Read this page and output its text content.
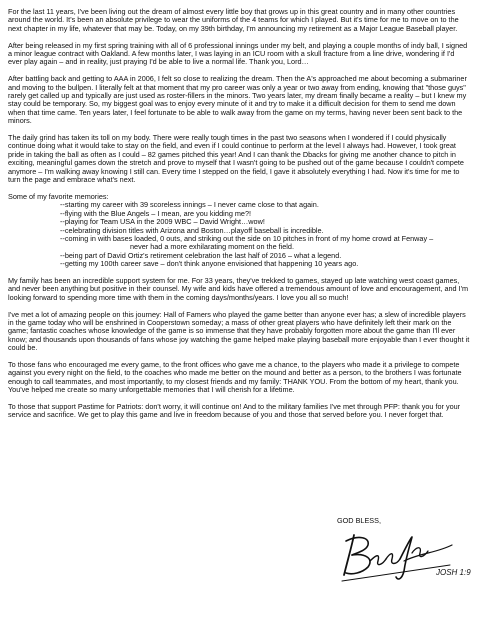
For the last 11 years, I've been living out the dream of almost every little boy that grows up in this great country and in many other countries around the world. It's been an absolute privilege to wear the uniforms of the 4 teams for which I played. But it's time for me to move on to the next chapter in my life, whatever that may be. Today, on my 39th birthday, I'm announcing my retirement as a Major League Baseball player.

After being released in my first spring training with all of 6 professional innings under my belt, and playing a couple months of indy ball, I signed a minor league contract with Oakland. A few months later, I was laying in an ICU room with a skull fracture from a line drive, wondering if I'd ever play again – and in reality, just praying I'd be able to live a normal life. Thank you, Lord…

After battling back and getting to AAA in 2006, I felt so close to realizing the dream. Then the A's approached me about becoming a submariner and moving to the bullpen. I literally felt at that moment that my pro career was only a year or two away from ending, knowing that "those guys" rarely get called up and typically are just used as roster-fillers in the minors. Two years later, my dream finally became a reality – but I knew my stay could be temporary. So, my biggest goal was to enjoy every minute of it and try to make it a difficult decision for them to send me down when that time came. Ten years later, I feel fortunate to be able to walk away from the game on my terms, having never been sent back to the minors.

The daily grind has taken its toll on my body. There were really tough times in the past two seasons when I wondered if I could physically continue doing what it would take to stay on the field, and even if I could continue to perform at the level I always had. However, I took great pride in taking the ball as often as I could – 82 games pitched this year! And I can thank the Dbacks for giving me another chance to pitch in exciting, meaningful games down the stretch and prove to myself that I wasn't going to be pushed out of the game because I couldn't compete anymore – I'm walking away knowing I still can. Every time I stepped on the field, I gave it absolutely everything I had. Now it's time for me to turn the page and embrace what's next.

Some of my favorite memories:

--starting my career with 39 scoreless innings – I never came close to that again.
--flying with the Blue Angels – I mean, are you kidding me?!
--playing for Team USA in the 2009 WBC – David Wright…wow!
--celebrating division titles with Arizona and Boston…playoff baseball is incredible.
--coming in with bases loaded, 0 outs, and striking out the side on 10 pitches in front of my home crowd at Fenway –
never had a more exhilarating moment on the field.
--being part of David Ortiz's retirement celebration the last half of 2016 – what a legend.
--getting my 100th career save – don't think anyone envisioned that happening 10 years ago.

My family has been an incredible support system for me. For 33 years, they've trekked to games, stayed up late watching west coast games, and never been anything but positive in their counsel. My wife and kids have offered a tremendous amount of love and encouragement, and I'm looking forward to spending more time with them in the coming days/months/years. I love you all so much!

I've met a lot of amazing people on this journey: Hall of Famers who played the game better than anyone ever has; a slew of incredible players in the game today who will be enshrined in Cooperstown someday; a mass of other great players who have definitely left their mark on the game; fantastic coaches whose knowledge of the game is so immense that they have probably forgotten more about the game than I'll ever know; and thousands upon thousands of fans whose joy watching the game helped make playing baseball more enjoyable than I ever thought it could be.

To those fans who encouraged me every game, to the front offices who gave me a chance, to the players who made it a privilege to compete against you every night on the field, to the coaches who made me better on the mound and better as a person, to the brothers I was fortunate enough to call teammates, and most importantly, to my closest friends and my family: THANK YOU. From the bottom of my heart, thank you. You've helped me create so many unforgettable memories that I will cherish for a lifetime.

To those that support Pastime for Patriots: don't worry, it will continue on! And to the military families I've met through PFP: thank you for your service and sacrifice. We get to play this game and live in freedom because of you and those that served before you. I never forget that.

GOD BLESS,
JOSH 1:9
